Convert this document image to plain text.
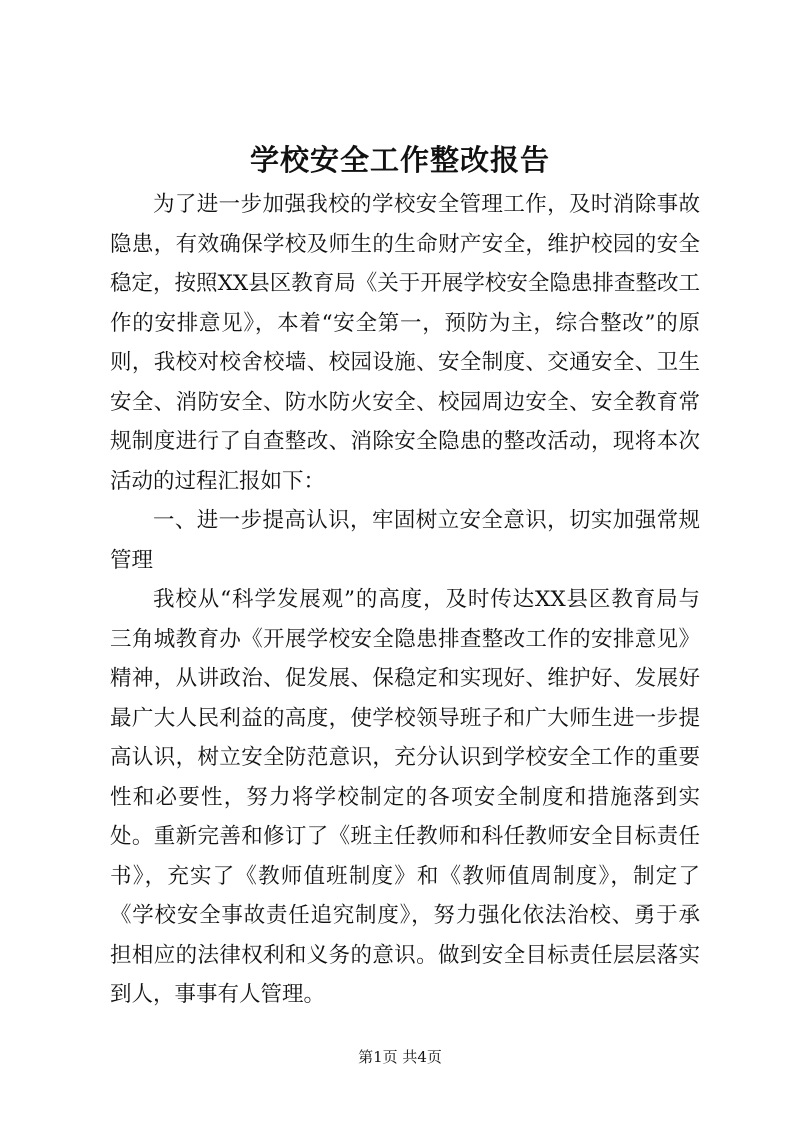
学校安全工作整改报告

为了进一步加强我校的学校安全管理工作，及时消除事故隐患，有效确保学校及师生的生命财产安全，维护校园的安全稳定，按照XX县区教育局《关于开展学校安全隐患排查整改工作的安排意见》，本着“安全第一，预防为主，综合整改”的原则，我校对校舍校墙、校园设施、安全制度、交通安全、卫生安全、消防安全、防水防火安全、校园周边安全、安全教育常规制度进行了自查整改、消除安全隐患的整改活动，现将本次活动的过程汇报如下：

一、进一步提高认识，牢固树立安全意识，切实加强常规管理

我校从“科学发展观”的高度，及时传达XX县区教育局与三角城教育办《开展学校安全隐患排查整改工作的安排意见》精神，从讲政治、促发展、保稳定和实现好、维护好、发展好最广大人民利益的高度，使学校领导班子和广大师生进一步提高认识，树立安全防范意识，充分认识到学校安全工作的重要性和必要性，努力将学校制定的各项安全制度和措施落到实处。重新完善和修订了《班主任教师和科任教师安全目标责任书》，充实了《教师值班制度》和《教师值周制度》，制定了《学校安全事故责任追究制度》，努力强化依法治校、勇于承担相应的法律权利和义务的意识。做到安全目标责任层层落实到人，事事有人管理。

第1页 共4页
